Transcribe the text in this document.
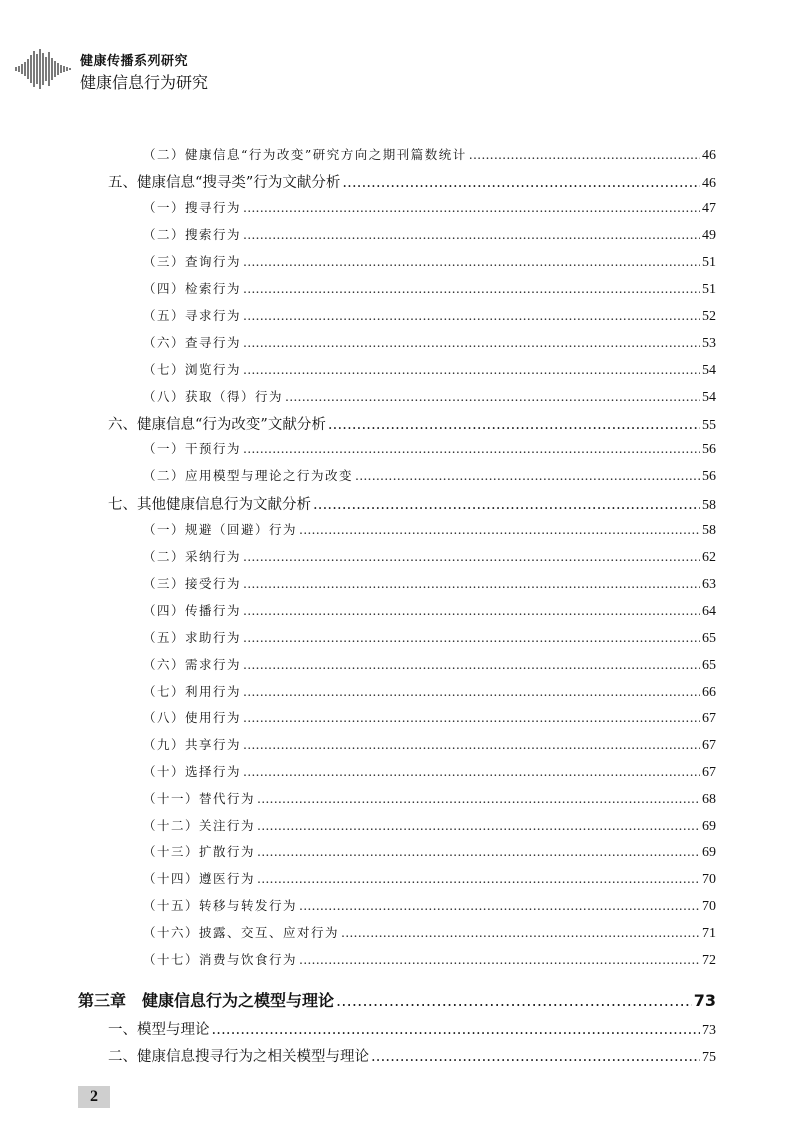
健康传播系列研究
健康信息行为研究
（二）健康信息“行为改变”研究方向之期刊篇数统计 .....	46
五、健康信息“搜寻类”行为文献分析 .....	46
（一）搜寻行为 .....	47
（二）搜索行为 .....	49
（三）查询行为 .....	51
（四）检索行为 .....	51
（五）寻求行为 .....	52
（六）查寻行为 .....	53
（七）浏览行为 .....	54
（八）获取（得）行为 .....	54
六、健康信息“行为改变”文献分析 .....	55
（一）干预行为 .....	56
（二）应用模型与理论之行为改变 .....	56
七、其他健康信息行为文献分析 .....	58
（一）规避（回避）行为 .....	58
（二）采纳行为 .....	62
（三）接受行为 .....	63
（四）传播行为 .....	64
（五）求助行为 .....	65
（六）需求行为 .....	65
（七）利用行为 .....	66
（八）使用行为 .....	67
（九）共享行为 .....	67
（十）选择行为 .....	67
（十一）替代行为 .....	68
（十二）关注行为 .....	69
（十三）扩散行为 .....	69
（十四）遵医行为 .....	70
（十五）转移与转发行为 .....	70
（十六）披露、交互、应对行为 .....	71
（十七）消费与饮食行为 .....	72
第三章　健康信息行为之模型与理论 .....	73
一、模型与理论 .....	73
二、健康信息搜寻行为之相关模型与理论 .....	75
2
